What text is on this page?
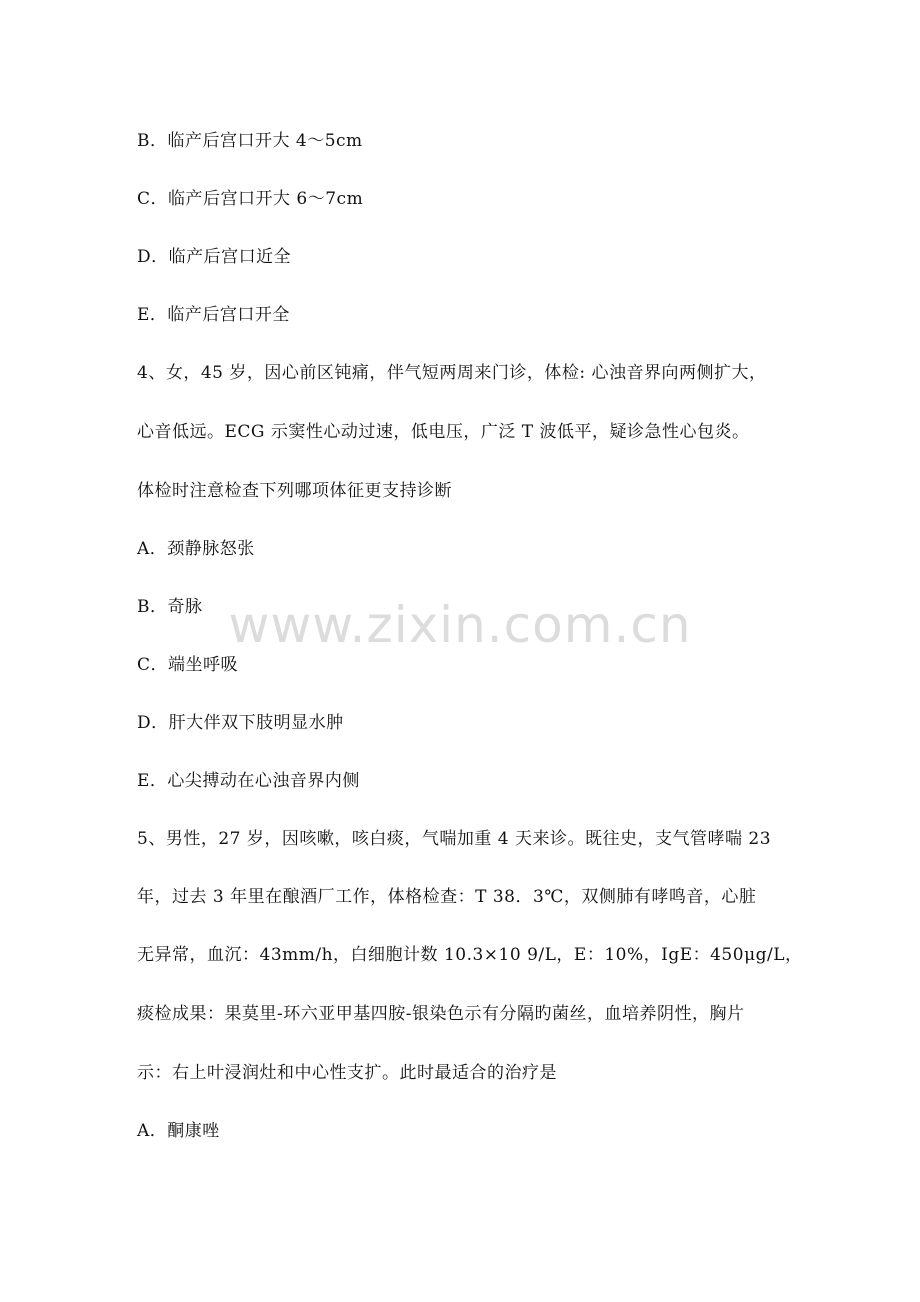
www.zixin.com.cn
B．临产后宫口开大 4～5cm
C．临产后宫口开大 6～7cm
D．临产后宫口近全
E．临产后宫口开全
4、女，45 岁，因心前区钝痛，伴气短两周来门诊，体检: 心浊音界向两侧扩大，
心音低远。ECG 示窦性心动过速，低电压，广泛 T 波低平，疑诊急性心包炎。
体检时注意检查下列哪项体征更支持诊断
A．颈静脉怒张
B．奇脉
C．端坐呼吸
D．肝大伴双下肢明显水肿
E．心尖搏动在心浊音界内侧
5、男性，27 岁，因咳嗽，咳白痰，气喘加重 4 天来诊。既往史，支气管哮喘 23
年，过去 3 年里在酿酒厂工作，体格检查：T 38．3℃，双侧肺有哮鸣音，心脏
无异常，血沉：43mm/h，白细胞计数 10.3×10 9/L，E：10%，IgE：450μg/L，
痰检成果：果莫里-环六亚甲基四胺-银染色示有分隔旳菌丝，血培养阴性，胸片
示：右上叶浸润灶和中心性支扩。此时最适合的治疗是
A．酮康唑
